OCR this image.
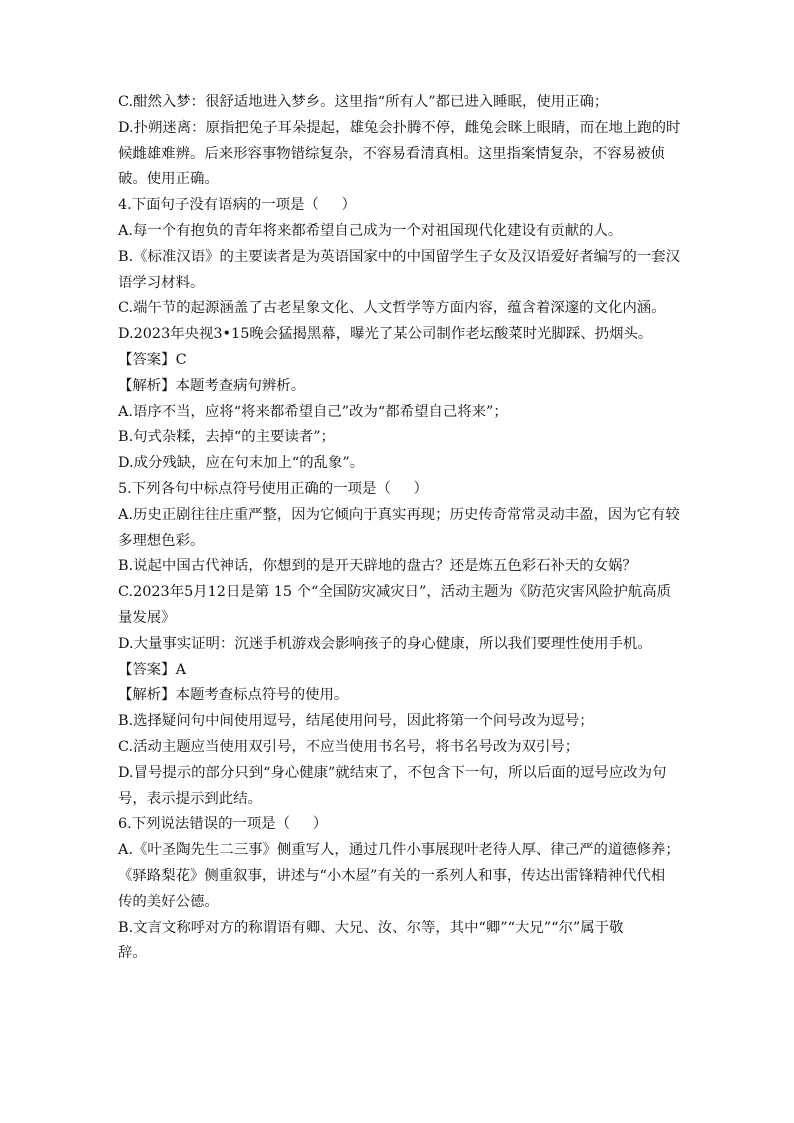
C.酣然入梦：很舒适地进入梦乡。这里指“所有人”都已进入睡眠，使用正确；

D.扑朔迷离：原指把兔子耳朵提起，雄兔会扑腾不停，雌兔会眯上眼睛，而在地上跑的时

候雌雄难辨。后来形容事物错综复杂，不容易看清真相。这里指案情复杂，不容易被侦

破。使用正确。

4.下面句子没有语病的一项是（     ）

A.每一个有抱负的青年将来都希望自己成为一个对祖国现代化建设有贡献的人。

B.《标准汉语》的主要读者是为英语国家中的中国留学生子女及汉语爱好者编写的一套汉

语学习材料。

C.端午节的起源涵盖了古老星象文化、人文哲学等方面内容，蕴含着深邃的文化内涵。

D.2023年央视3•15晚会猛揭黑幕，曝光了某公司制作老坛酸菜时光脚踩、扔烟头。

【答案】C

【解析】本题考查病句辨析。

A.语序不当，应将“将来都希望自己”改为“都希望自己将来”；

B.句式杂糅，去掉“的主要读者”；

D.成分残缺，应在句末加上“的乱象”。

5.下列各句中标点符号使用正确的一项是（     ）

A.历史正剧往往庄重严整，因为它倾向于真实再现；历史传奇常常灵动丰盈，因为它有较

多理想色彩。

B.说起中国古代神话，你想到的是开天辟地的盘古？还是炼五色彩石补天的女娲？

C.2023年5月12日是第 15 个“全国防灾减灾日”，活动主题为《防范灾害风险护航高质

量发展》

D.大量事实证明：沉迷手机游戏会影响孩子的身心健康，所以我们要理性使用手机。

【答案】A

【解析】本题考查标点符号的使用。

B.选择疑问句中间使用逗号，结尾使用问号，因此将第一个问号改为逗号；

C.活动主题应当使用双引号，不应当使用书名号，将书名号改为双引号；

D.冒号提示的部分只到“身心健康”就结束了，不包含下一句，所以后面的逗号应改为句

号，表示提示到此结。

6.下列说法错误的一项是（     ）

A.《叶圣陶先生二三事》侧重写人，通过几件小事展现叶老待人厚、律己严的道德修养；

《驿路梨花》侧重叙事，讲述与“小木屋”有关的一系列人和事，传达出雷锋精神代代相

传的美好公德。

B.文言文称呼对方的称谓语有卿、大兄、汝、尔等，其中“卿”“大兄”“尔”属于敬

辞。
